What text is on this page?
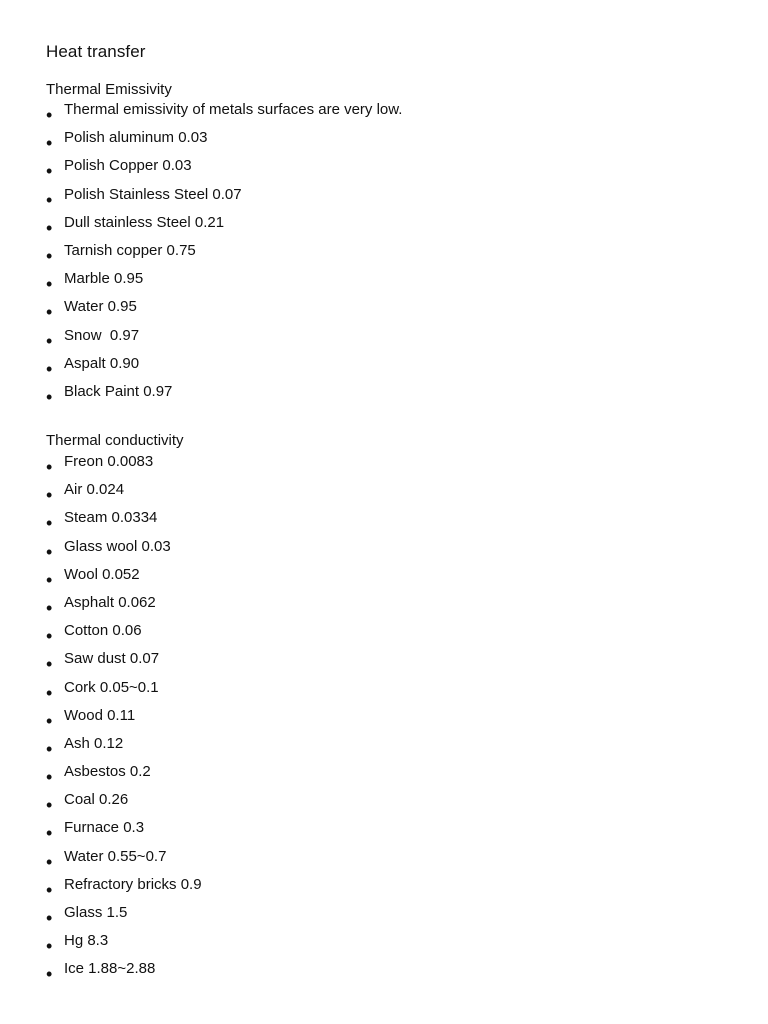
Heat transfer
Thermal Emissivity
• Thermal emissivity of metals surfaces are very low.
• Polish aluminum 0.03
• Polish Copper 0.03
• Polish Stainless Steel 0.07
• Dull stainless Steel 0.21
• Tarnish copper 0.75
• Marble 0.95
• Water 0.95
• Snow  0.97
• Aspalt 0.90
• Black Paint 0.97
Thermal conductivity
• Freon 0.0083
• Air 0.024
• Steam 0.0334
• Glass wool 0.03
• Wool 0.052
• Asphalt 0.062
• Cotton 0.06
• Saw dust 0.07
• Cork 0.05~0.1
• Wood 0.11
• Ash 0.12
• Asbestos 0.2
• Coal 0.26
• Furnace 0.3
• Water 0.55~0.7
• Refractory bricks 0.9
• Glass 1.5
• Hg 8.3
• Ice 1.88~2.88
